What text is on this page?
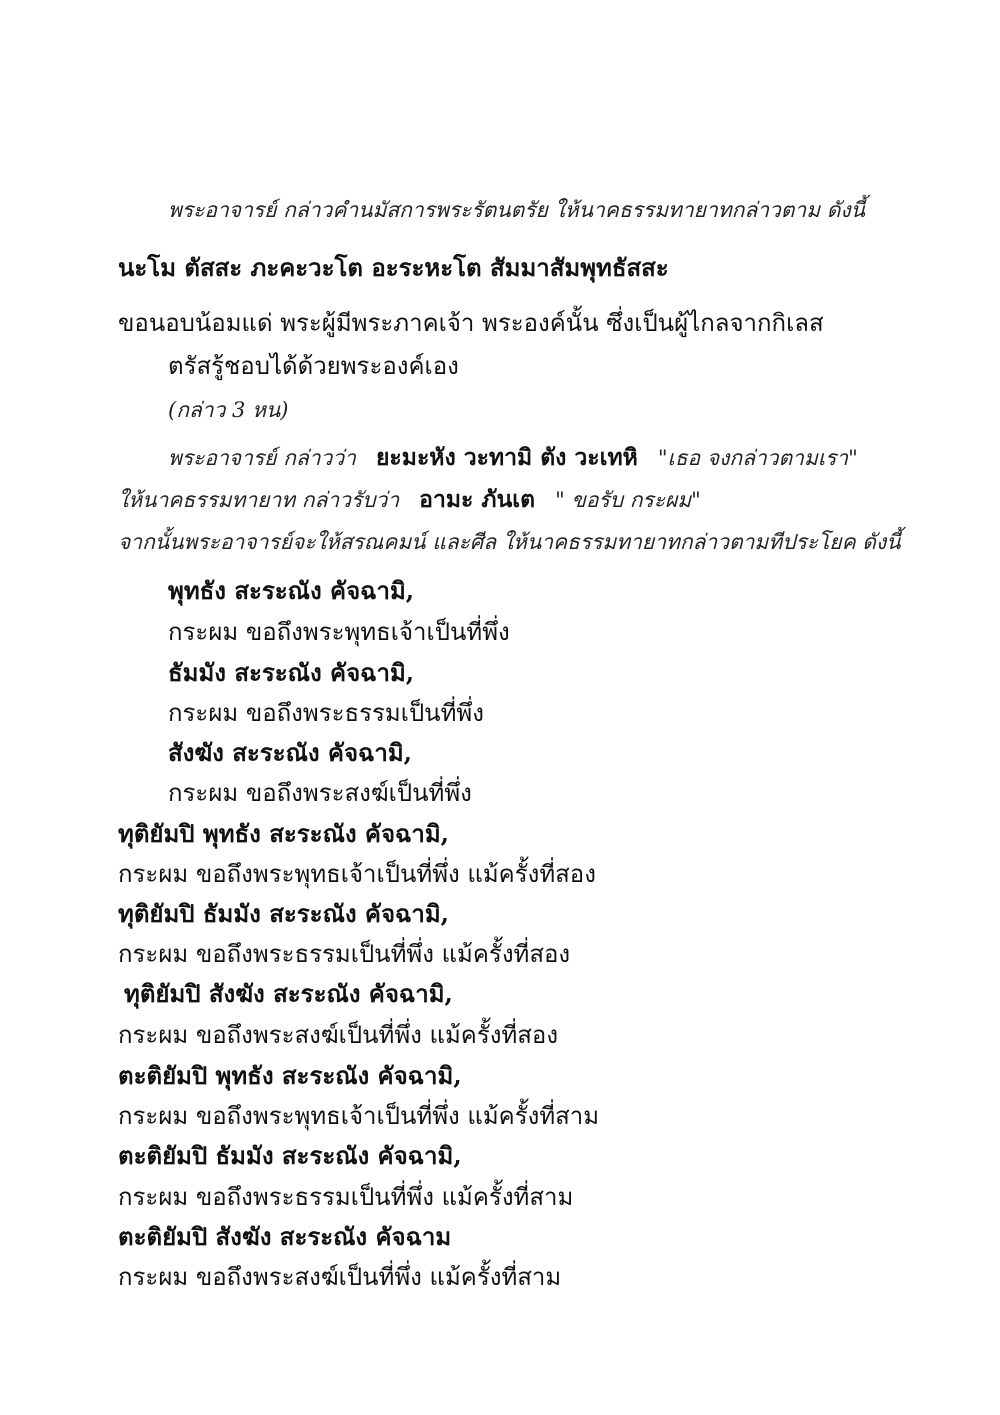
พระอาจารย์ กล่าวคำนมัสการพระรัตนตรัย ให้นาคธรรมทายาทกล่าวตาม ดังนี้
นะโม ตัสสะ ภะคะวะโต อะระหะโต สัมมาสัมพุทธัสสะ
ขอนอบน้อมแด่ พระผู้มีพระภาคเจ้า พระองค์นั้น ซึ่งเป็นผู้ไกลจากกิเลส
ตรัสรู้ชอบได้ด้วยพระองค์เอง
(กล่าว 3 หน)
พระอาจารย์ กล่าวว่า ยะมะหัง วะทามิ ตัง วะเทหิ "เธอ จงกล่าวตามเรา"
ให้นาคธรรมทายาท กล่าวรับว่า อามะ ภันเต " ขอรับ กระผม"
จากนั้นพระอาจารย์จะให้สรณคมน์ และศีล ให้นาคธรรมทายาทกล่าวตามทีประโยค ดังนี้
พุทธัง สะระณัง คัจฉามิ,
กระผม ขอถึงพระพุทธเจ้าเป็นที่พึ่ง
ธัมมัง สะระณัง คัจฉามิ,
กระผม ขอถึงพระธรรมเป็นที่พึ่ง
สังฆัง สะระณัง คัจฉามิ,
กระผม ขอถึงพระสงฆ์เป็นที่พึ่ง
ทุติยัมปิ พุทธัง สะระณัง คัจฉามิ,
กระผม ขอถึงพระพุทธเจ้าเป็นที่พึ่ง แม้ครั้งที่สอง
ทุติยัมปิ ธัมมัง สะระณัง คัจฉามิ,
กระผม ขอถึงพระธรรมเป็นที่พึ่ง แม้ครั้งที่สอง
ทุติยัมปิ สังฆัง สะระณัง คัจฉามิ,
กระผม ขอถึงพระสงฆ์เป็นที่พึ่ง แม้ครั้งที่สอง
ตะติยัมปิ พุทธัง สะระณัง คัจฉามิ,
กระผม ขอถึงพระพุทธเจ้าเป็นที่พึ่ง แม้ครั้งที่สาม
ตะติยัมปิ ธัมมัง สะระณัง คัจฉามิ,
กระผม ขอถึงพระธรรมเป็นที่พึ่ง แม้ครั้งที่สาม
ตะติยัมปิ สังฆัง สะระณัง คัจฉาม
กระผม ขอถึงพระสงฆ์เป็นที่พึ่ง แม้ครั้งที่สาม
